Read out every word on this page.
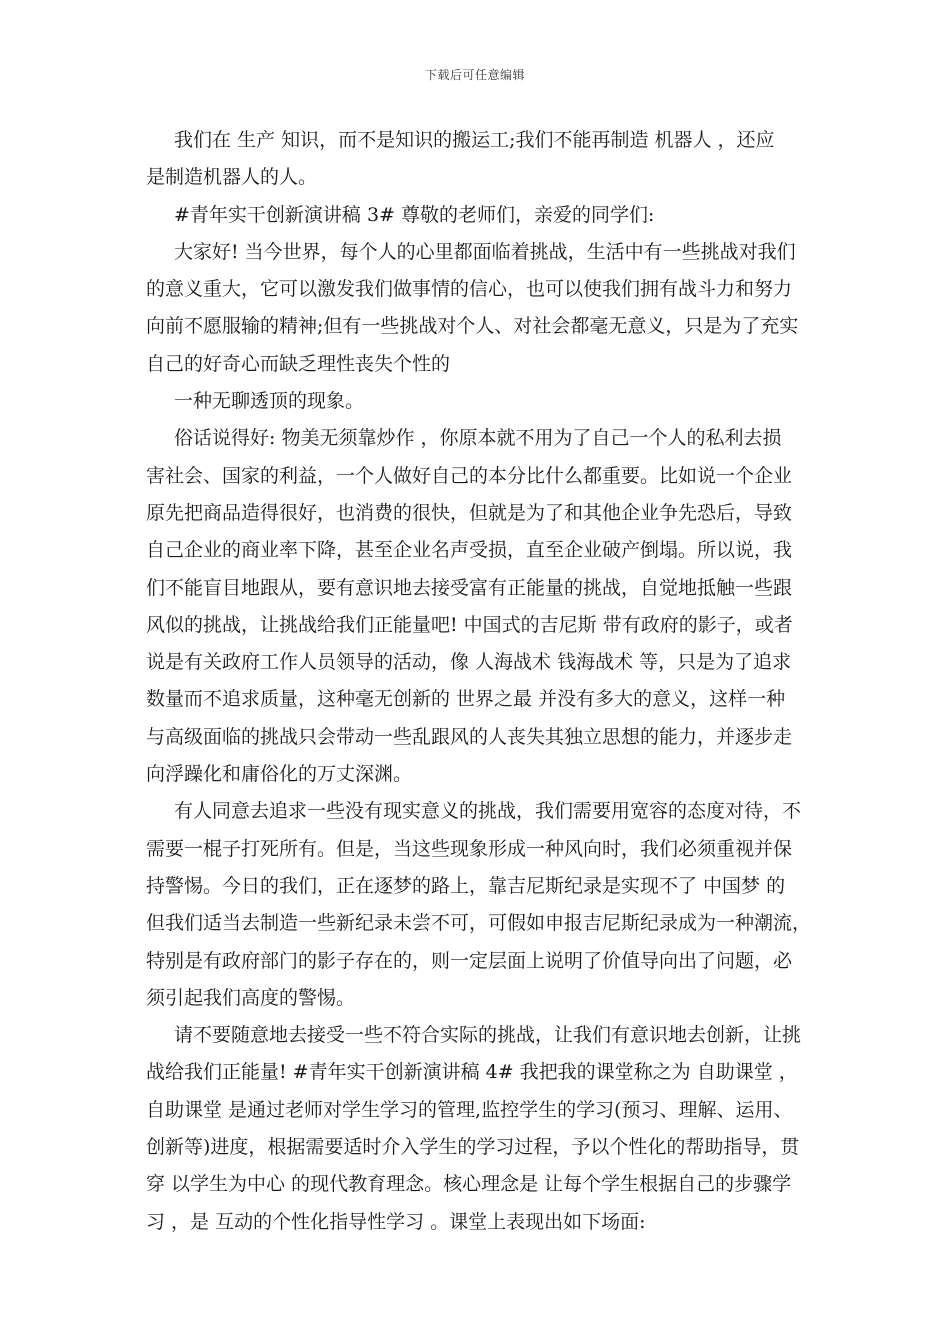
下载后可任意编辑
我们在 生产 知识，而不是知识的搬运工;我们不能再制造 机器人 ，还应
是制造机器人的人。
#青年实干创新演讲稿 3# 尊敬的老师们，亲爱的同学们:
大家好! 当今世界，每个人的心里都面临着挑战，生活中有一些挑战对我们
的意义重大，它可以激发我们做事情的信心，也可以使我们拥有战斗力和努力
向前不愿服输的精神;但有一些挑战对个人、对社会都毫无意义，只是为了充实
自己的好奇心而缺乏理性丧失个性的
一种无聊透顶的现象。
俗话说得好: 物美无须靠炒作 ，你原本就不用为了自己一个人的私利去损
害社会、国家的利益，一个人做好自己的本分比什么都重要。比如说一个企业
原先把商品造得很好，也消费的很快，但就是为了和其他企业争先恐后，导致
自己企业的商业率下降，甚至企业名声受损，直至企业破产倒塌。所以说，我
们不能盲目地跟从，要有意识地去接受富有正能量的挑战，自觉地抵触一些跟
风似的挑战，让挑战给我们正能量吧! 中国式的吉尼斯 带有政府的影子，或者
说是有关政府工作人员领导的活动，像 人海战术 钱海战术 等，只是为了追求
数量而不追求质量，这种毫无创新的 世界之最 并没有多大的意义，这样一种
与高级面临的挑战只会带动一些乱跟风的人丧失其独立思想的能力，并逐步走
向浮躁化和庸俗化的万丈深渊。
有人同意去追求一些没有现实意义的挑战，我们需要用宽容的态度对待，不
需要一棍子打死所有。但是，当这些现象形成一种风向时，我们必须重视并保
持警惕。今日的我们，正在逐梦的路上，靠吉尼斯纪录是实现不了 中国梦 的
但我们适当去制造一些新纪录未尝不可，可假如申报吉尼斯纪录成为一种潮流，
特别是有政府部门的影子存在的，则一定层面上说明了价值导向出了问题，必
须引起我们高度的警惕。
请不要随意地去接受一些不符合实际的挑战，让我们有意识地去创新，让挑
战给我们正能量! #青年实干创新演讲稿 4# 我把我的课堂称之为 自助课堂 ，
自助课堂 是通过老师对学生学习的管理,监控学生的学习(预习、理解、运用、
创新等)进度，根据需要适时介入学生的学习过程，予以个性化的帮助指导，贯
穿 以学生为中心 的现代教育理念。核心理念是 让每个学生根据自己的步骤学
习 ，是 互动的个性化指导性学习 。课堂上表现出如下场面:
